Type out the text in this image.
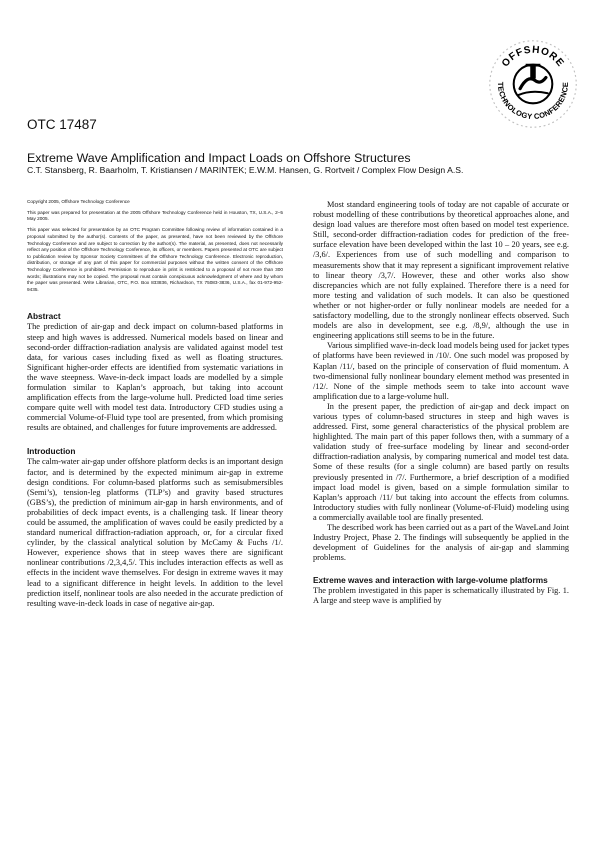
OFFSHORE
TECHNOLOGY CONFERENCE
OTC 17487
Extreme Wave Amplification and Impact Loads on Offshore Structures
C.T. Stansberg, R. Baarholm, T. Kristiansen / MARINTEK; E.W.M. Hansen, G. Rortveit / Complex Flow Design A.S.

Copyright 2005, Offshore Technology Conference

This paper was prepared for presentation at the 2005 Offshore Technology Conference held in Houston, TX, U.S.A., 2–5 May 2005.

This paper was selected for presentation by an OTC Program Committee following review of information contained in a proposal submitted by the author(s). Contents of the paper, as presented, have not been reviewed by the Offshore Technology Conference and are subject to correction by the author(s). The material, as presented, does not necessarily reflect any position of the Offshore Technology Conference, its officers, or members. Papers presented at OTC are subject to publication review by Sponsor Society Committees of the Offshore Technology Conference. Electronic reproduction, distribution, or storage of any part of this paper for commercial purposes without the written consent of the Offshore Technology Conference is prohibited. Permission to reproduce in print is restricted to a proposal of not more than 300 words; illustrations may not be copied. The proposal must contain conspicuous acknowledgment of where and by whom the paper was presented. Write Librarian, OTC, P.O. Box 833836, Richardson, TX 75083-3836, U.S.A., fax 01-972-952-9435.

Abstract

The prediction of air-gap and deck impact on column-based platforms in steep and high waves is addressed. Numerical models based on linear and second-order diffraction-radiation analysis are validated against model test data, for various cases including fixed as well as floating structures. Significant higher-order effects are identified from systematic variations in the wave steepness. Wave-in-deck impact loads are modelled by a simple formulation similar to Kaplan’s approach, but taking into account amplification effects from the large-volume hull. Predicted load time series compare quite well with model test data. Introductory CFD studies using a commercial Volume-of-Fluid type tool are presented, from which promising results are obtained, and challenges for future improvements are addressed.

Introduction

The calm-water air-gap under offshore platform decks is an important design factor, and is determined by the expected minimum air-gap in extreme design conditions. For column-based platforms such as semisubmersibles (Semi’s), tension-leg platforms (TLP’s) and gravity based structures (GBS’s), the prediction of minimum air-gap in harsh environments, and of probabilities of deck impact events, is a challenging task. If linear theory could be assumed, the amplification of waves could be easily predicted by a standard numerical diffraction-radiation approach, or, for a circular fixed cylinder, by the classical analytical solution by McCamy & Fuchs /1/. However, experience shows that in steep waves there are significant nonlinear contributions /2,3,4,5/. This includes interaction effects as well as effects in the incident wave themselves. For design in extreme waves it may lead to a significant difference in height levels. In addition to the level prediction itself, nonlinear tools are also needed in the accurate prediction of resulting wave-in-deck loads in case of negative air-gap.

Most standard engineering tools of today are not capable of accurate or robust modelling of these contributions by theoretical approaches alone, and design load values are therefore most often based on model test experience. Still, second-order diffraction-radiation codes for prediction of the free-surface elevation have been developed within the last 10 – 20 years, see e.g. /3,6/. Experiences from use of such modelling and comparison to measurements show that it may represent a significant improvement relative to linear theory /3,7/. However, these and other works also show discrepancies which are not fully explained. Therefore there is a need for more testing and validation of such models. It can also be questioned whether or not higher-order or fully nonlinear models are needed for a satisfactory modelling, due to the strongly nonlinear effects observed. Such models are also in development, see e.g. /8,9/, although the use in engineering applications still seems to be in the future.

Various simplified wave-in-deck load models being used for jacket types of platforms have been reviewed in /10/. One such model was proposed by Kaplan /11/, based on the principle of conservation of fluid momentum. A two-dimensional fully nonlinear boundary element method was presented in /12/. None of the simple methods seem to take into account wave amplification due to a large-volume hull.

In the present paper, the prediction of air-gap and deck impact on various types of column-based structures in steep and high waves is addressed. First, some general characteristics of the physical problem are highlighted. The main part of this paper follows then, with a summary of a validation study of free-surface modeling by linear and second-order diffraction-radiation analysis, by comparing numerical and model test data. Some of these results (for a single column) are based partly on results previously presented in /7/. Furthermore, a brief description of a modified impact load model is given, based on a simple formulation similar to Kaplan’s approach /11/ but taking into account the effects from columns. Introductory studies with fully nonlinear (Volume-of-Fluid) modeling using a commercially available tool are finally presented.

The described work has been carried out as a part of the WaveLand Joint Industry Project, Phase 2. The findings will subsequently be applied in the development of Guidelines for the analysis of air-gap and slamming problems.

Extreme waves and interaction with large-volume platforms

The problem investigated in this paper is schematically illustrated by Fig. 1. A large and steep wave is amplified by
